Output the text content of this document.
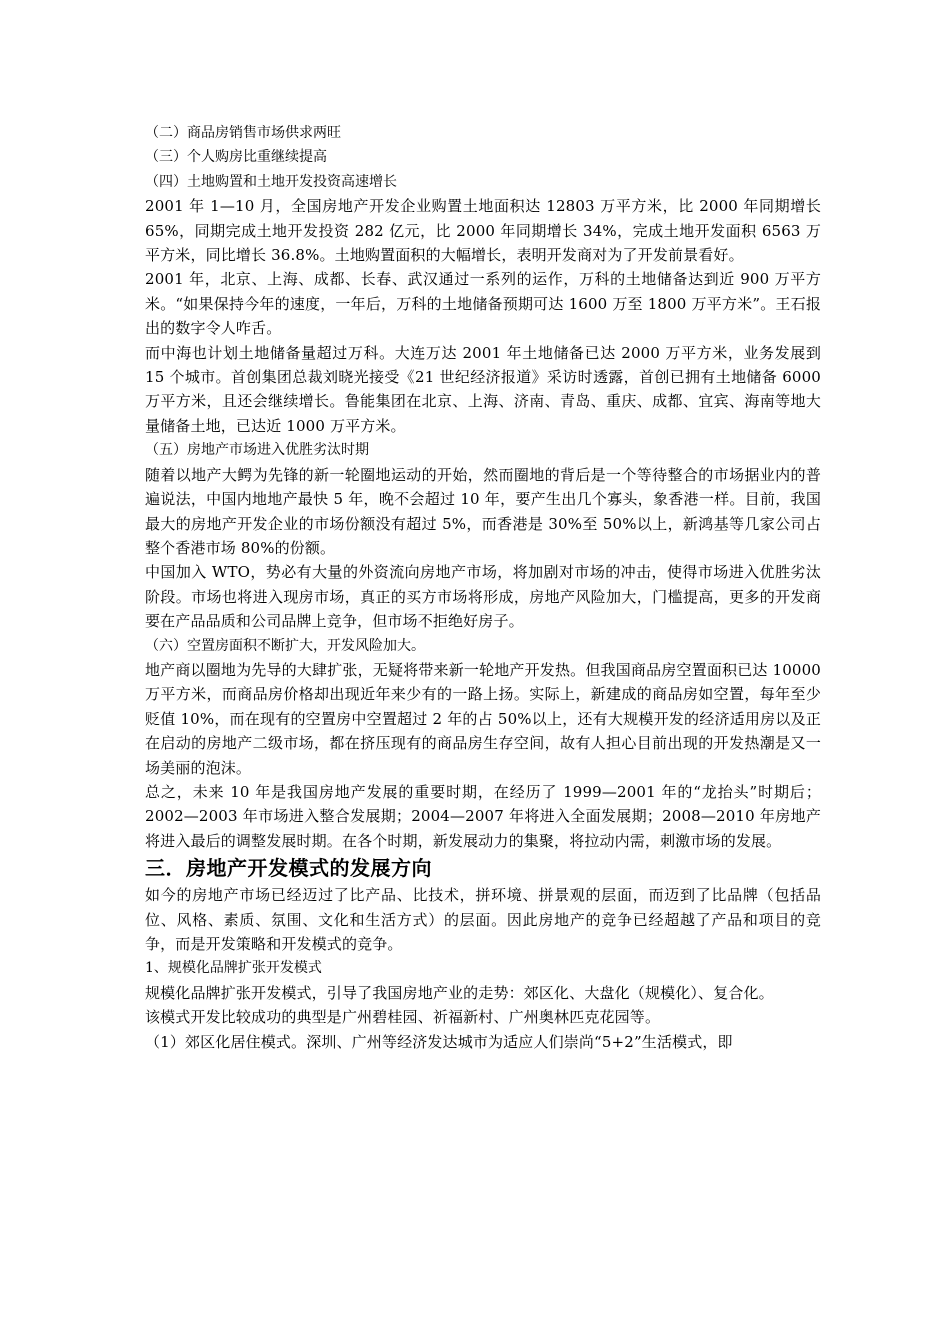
（二）商品房销售市场供求两旺

（三）个人购房比重继续提高

（四）土地购置和土地开发投资高速增长

2001 年 1—10 月，全国房地产开发企业购置土地面积达 12803 万平方米，比 2000 年同期增长 65%，同期完成土地开发投资 282 亿元，比 2000 年同期增长 34%，完成土地开发面积 6563 万平方米，同比增长 36.8%。土地购置面积的大幅增长，表明开发商对为了开发前景看好。

2001 年，北京、上海、成都、长春、武汉通过一系列的运作，万科的土地储备达到近 900 万平方米。“如果保持今年的速度，一年后，万科的土地储备预期可达 1600 万至 1800 万平方米”。王石报出的数字令人咋舌。

而中海也计划土地储备量超过万科。大连万达 2001 年土地储备已达 2000 万平方米，业务发展到 15 个城市。首创集团总裁刘晓光接受《21 世纪经济报道》采访时透露，首创已拥有土地储备 6000 万平方米，且还会继续增长。鲁能集团在北京、上海、济南、青岛、重庆、成都、宜宾、海南等地大量储备土地，已达近 1000 万平方米。

（五）房地产市场进入优胜劣汰时期

随着以地产大鳄为先锋的新一轮圈地运动的开始，然而圈地的背后是一个等待整合的市场据业内的普遍说法，中国内地地产最快 5 年，晚不会超过 10 年，要产生出几个寡头，象香港一样。目前，我国最大的房地产开发企业的市场份额没有超过 5%，而香港是 30%至 50%以上，新鸿基等几家公司占整个香港市场 80%的份额。

中国加入 WTO，势必有大量的外资流向房地产市场，将加剧对市场的冲击，使得市场进入优胜劣汰阶段。市场也将进入现房市场，真正的买方市场将形成，房地产风险加大，门槛提高，更多的开发商要在产品品质和公司品牌上竞争，但市场不拒绝好房子。

（六）空置房面积不断扩大，开发风险加大。

地产商以圈地为先导的大肆扩张，无疑将带来新一轮地产开发热。但我国商品房空置面积已达 10000 万平方米，而商品房价格却出现近年来少有的一路上扬。实际上，新建成的商品房如空置，每年至少贬值 10%，而在现有的空置房中空置超过 2 年的占 50%以上，还有大规模开发的经济适用房以及正在启动的房地产二级市场，都在挤压现有的商品房生存空间，故有人担心目前出现的开发热潮是又一场美丽的泡沫。

总之，未来 10 年是我国房地产发展的重要时期，在经历了 1999—2001 年的“龙抬头”时期后；2002—2003 年市场进入整合发展期；2004—2007 年将进入全面发展期；2008—2010 年房地产将进入最后的调整发展时期。在各个时期，新发展动力的集聚，将拉动内需，刺激市场的发展。

三．房地产开发模式的发展方向

如今的房地产市场已经迈过了比产品、比技术，拼环境、拼景观的层面，而迈到了比品牌（包括品位、风格、素质、氛围、文化和生活方式）的层面。因此房地产的竞争已经超越了产品和项目的竞争，而是开发策略和开发模式的竞争。

1、规模化品牌扩张开发模式

规模化品牌扩张开发模式，引导了我国房地产业的走势：郊区化、大盘化（规模化）、复合化。

该模式开发比较成功的典型是广州碧桂园、祈福新村、广州奥林匹克花园等。

（1）郊区化居住模式。深圳、广州等经济发达城市为适应人们崇尚“5+2”生活模式，即
